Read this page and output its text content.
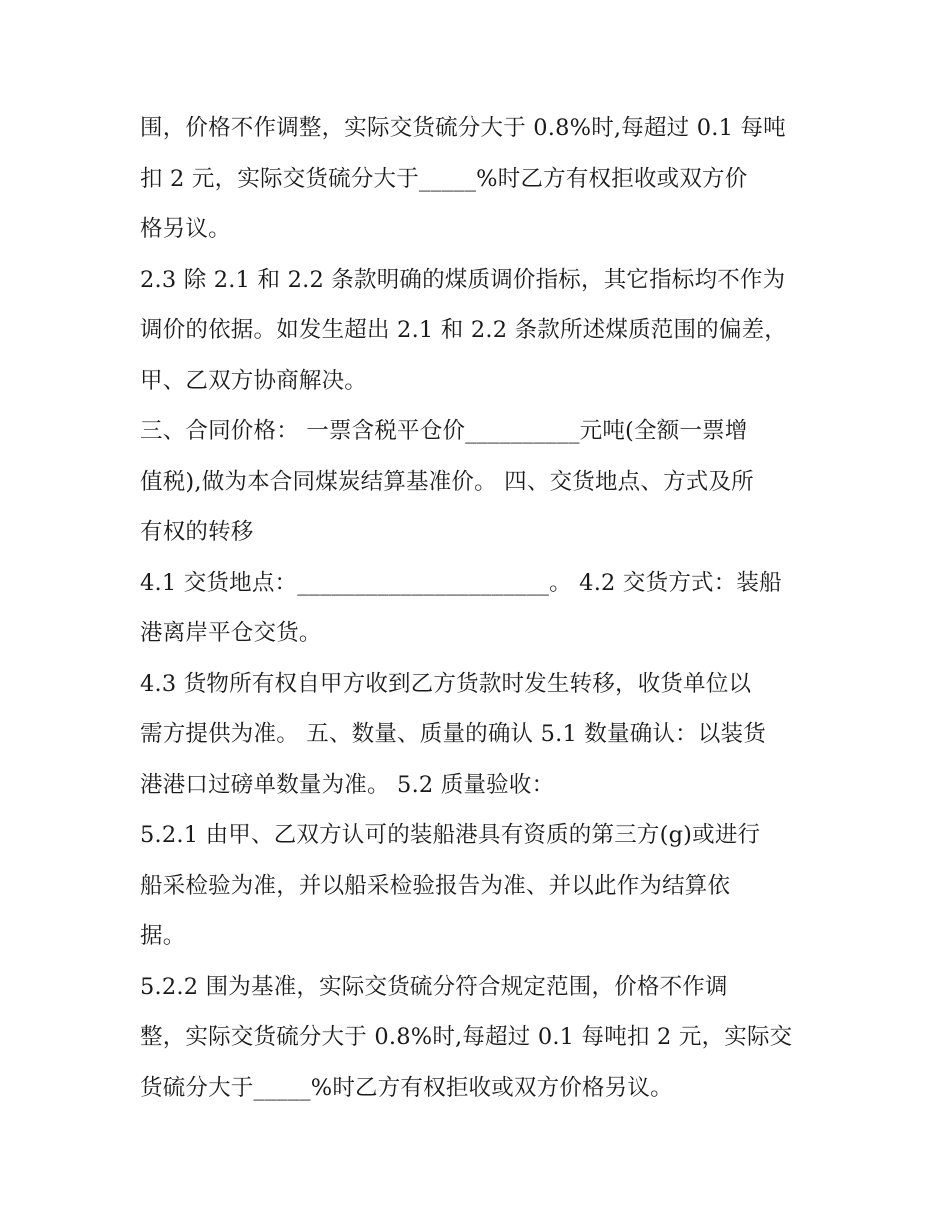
围，价格不作调整，实际交货硫分大于 0.8%时,每超过 0.1 每吨
扣 2 元，实际交货硫分大于_____%时乙方有权拒收或双方价
格另议。
2.3 除 2.1 和 2.2 条款明确的煤质调价指标，其它指标均不作为
调价的依据。如发生超出 2.1 和 2.2 条款所述煤质范围的偏差，
甲、乙双方协商解决。
三、合同价格： 一票含税平仓价__________元吨(全额一票增
值税),做为本合同煤炭结算基准价。 四、交货地点、方式及所
有权的转移
4.1 交货地点：______________________。 4.2 交货方式：装船
港离岸平仓交货。
4.3 货物所有权自甲方收到乙方货款时发生转移，收货单位以
需方提供为准。 五、数量、质量的确认 5.1 数量确认：以装货
港港口过磅单数量为准。 5.2 质量验收：
5.2.1 由甲、乙双方认可的装船港具有资质的第三方(g)或进行
船采检验为准，并以船采检验报告为准、并以此作为结算依
据。
5.2.2 围为基准，实际交货硫分符合规定范围，价格不作调
整，实际交货硫分大于 0.8%时,每超过 0.1 每吨扣 2 元，实际交
货硫分大于_____%时乙方有权拒收或双方价格另议。
